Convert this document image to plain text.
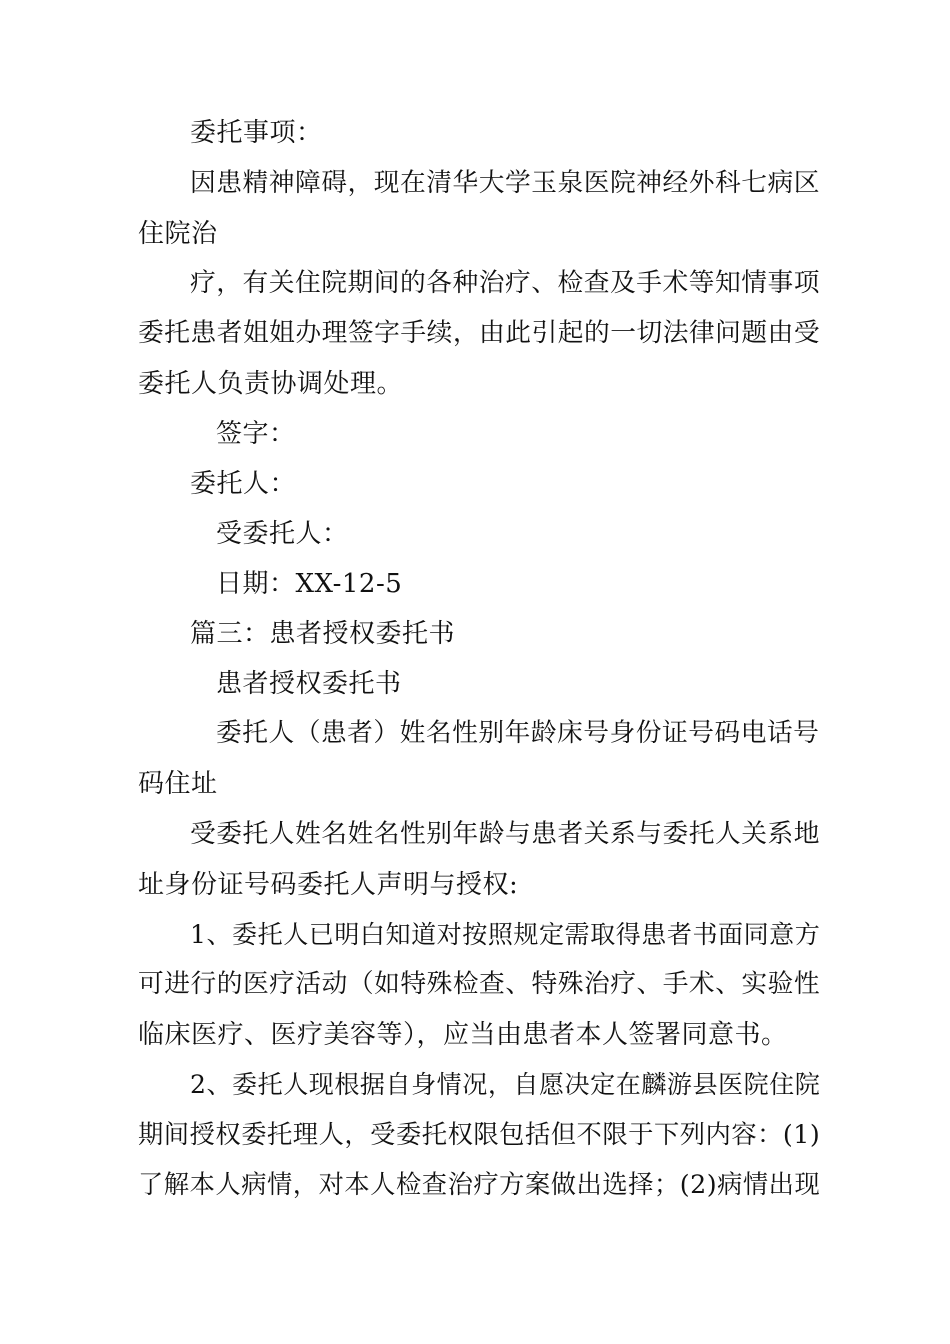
委托事项：
因患精神障碍，现在清华大学玉泉医院神经外科七病区
住院治
疗，有关住院期间的各种治疗、检查及手术等知情事项
委托患者姐姐办理签字手续，由此引起的一切法律问题由受
委托人负责协调处理。
签字：
委托人：
受委托人：
日期：XX-12-5
篇三：患者授权委托书
患者授权委托书
委托人（患者）姓名性别年龄床号身份证号码电话号
码住址
受委托人姓名姓名性别年龄与患者关系与委托人关系地
址身份证号码委托人声明与授权:
1、委托人已明白知道对按照规定需取得患者书面同意方
可进行的医疗活动（如特殊检查、特殊治疗、手术、实验性
临床医疗、医疗美容等），应当由患者本人签署同意书。
2、委托人现根据自身情况，自愿决定在麟游县医院住院
期间授权委托理人，受委托权限包括但不限于下列内容：(1)
了解本人病情，对本人检查治疗方案做出选择；(2)病情出现
